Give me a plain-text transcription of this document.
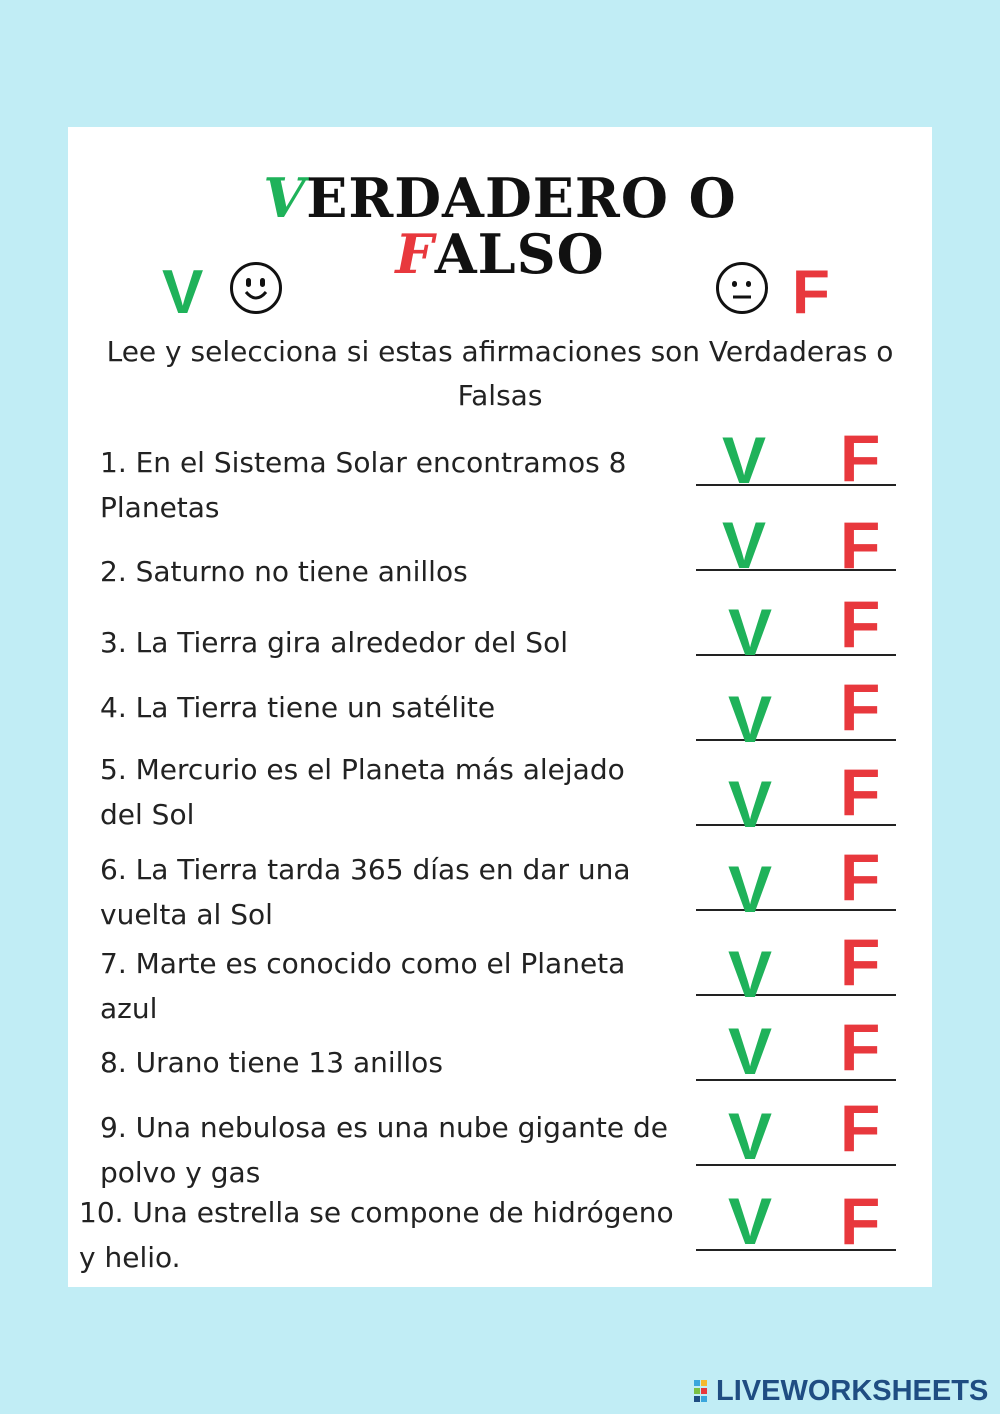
VERDADERO O
FALSO
V	F
Lee y selecciona si estas afirmaciones son Verdaderas o Falsas
1. En el Sistema Solar encontramos 8
Planetas
2. Saturno no tiene anillos
3. La Tierra gira alrededor del Sol
4. La Tierra tiene un satélite
5. Mercurio es el Planeta más alejado
del Sol
6. La Tierra tarda 365 días en dar una
vuelta al Sol
7. Marte es conocido como el Planeta
azul
8. Urano tiene 13 anillos
9. Una nebulosa es una nube gigante de
polvo y gas
10. Una estrella se compone de hidrógeno
y helio.
V F
V F
V F
V F
V F
V F
V F
V F
V F
V F
LIVEWORKSHEETS
